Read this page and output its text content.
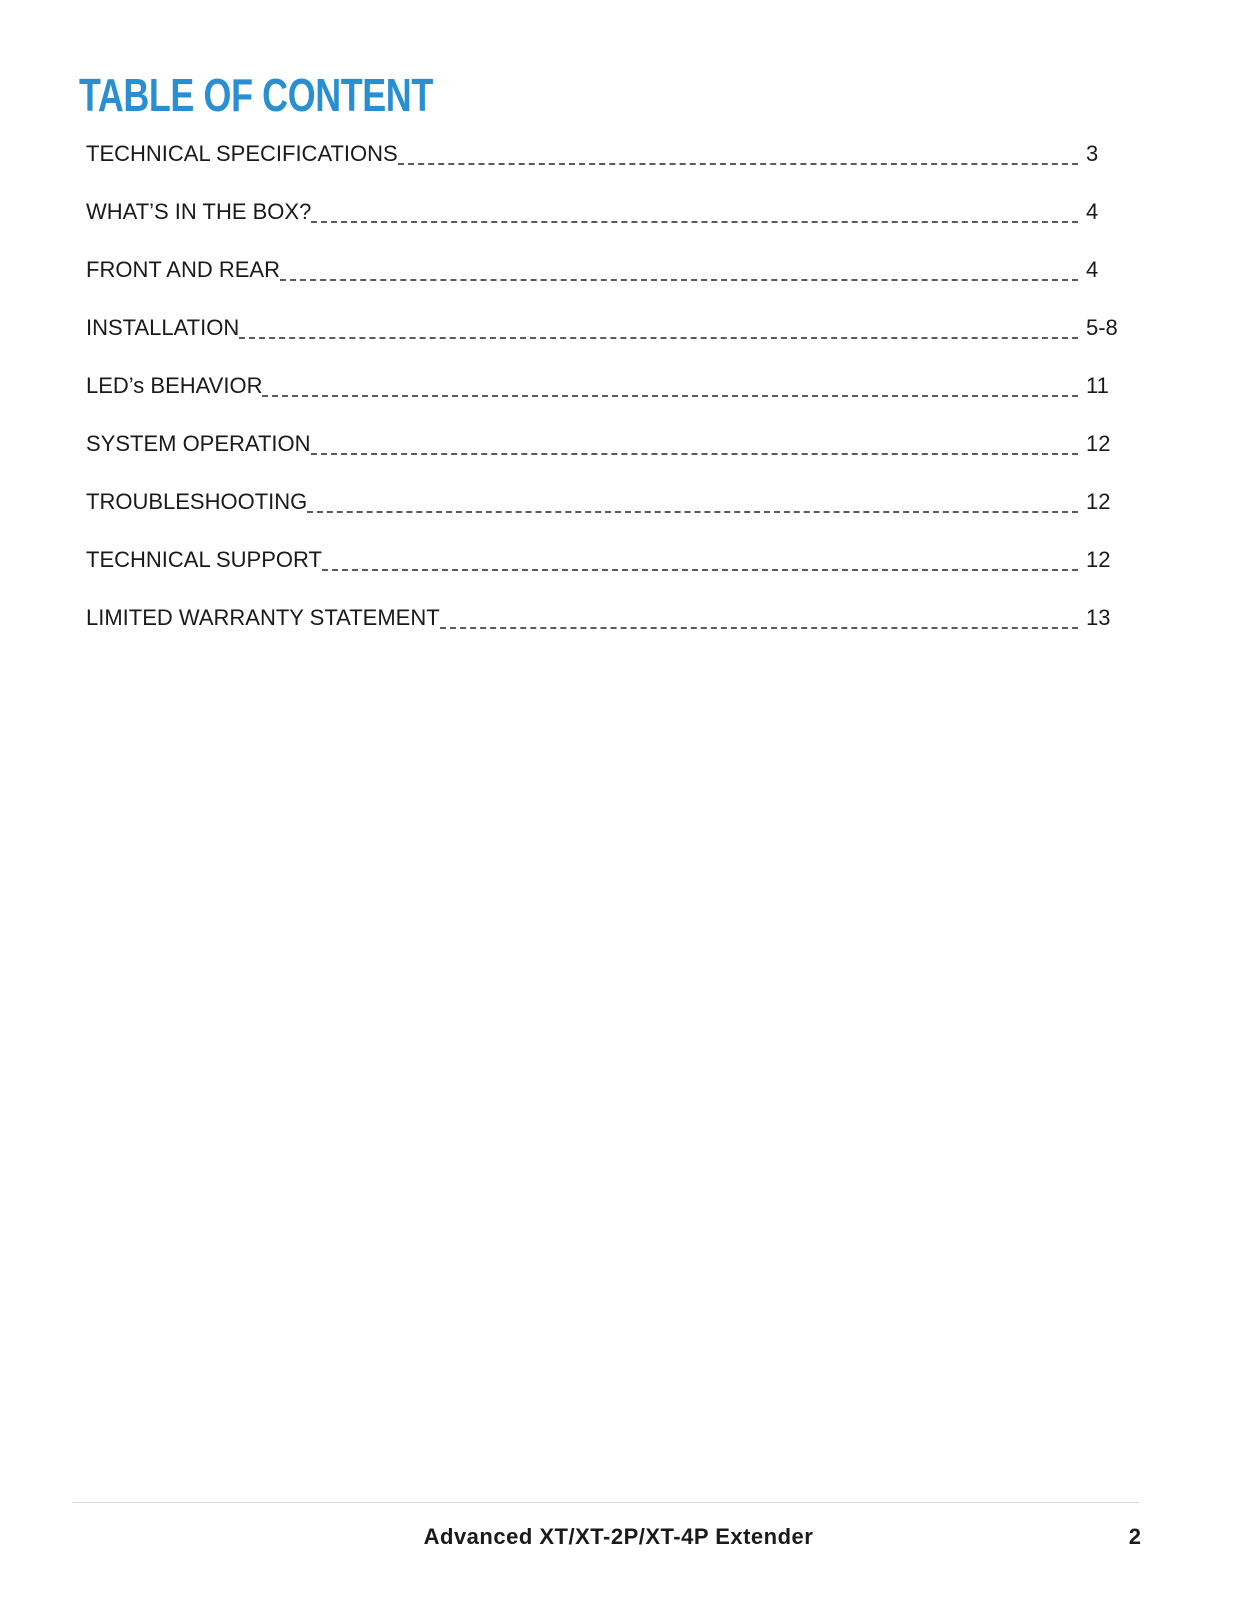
TABLE OF CONTENT
TECHNICAL SPECIFICATIONS	3
WHAT’S IN THE BOX?	4
FRONT AND REAR	4
INSTALLATION	5-8
LED’s BEHAVIOR	11
SYSTEM OPERATION	12
TROUBLESHOOTING	12
TECHNICAL SUPPORT	12
LIMITED WARRANTY STATEMENT	13
Advanced XT/XT-2P/XT-4P Extender	2
